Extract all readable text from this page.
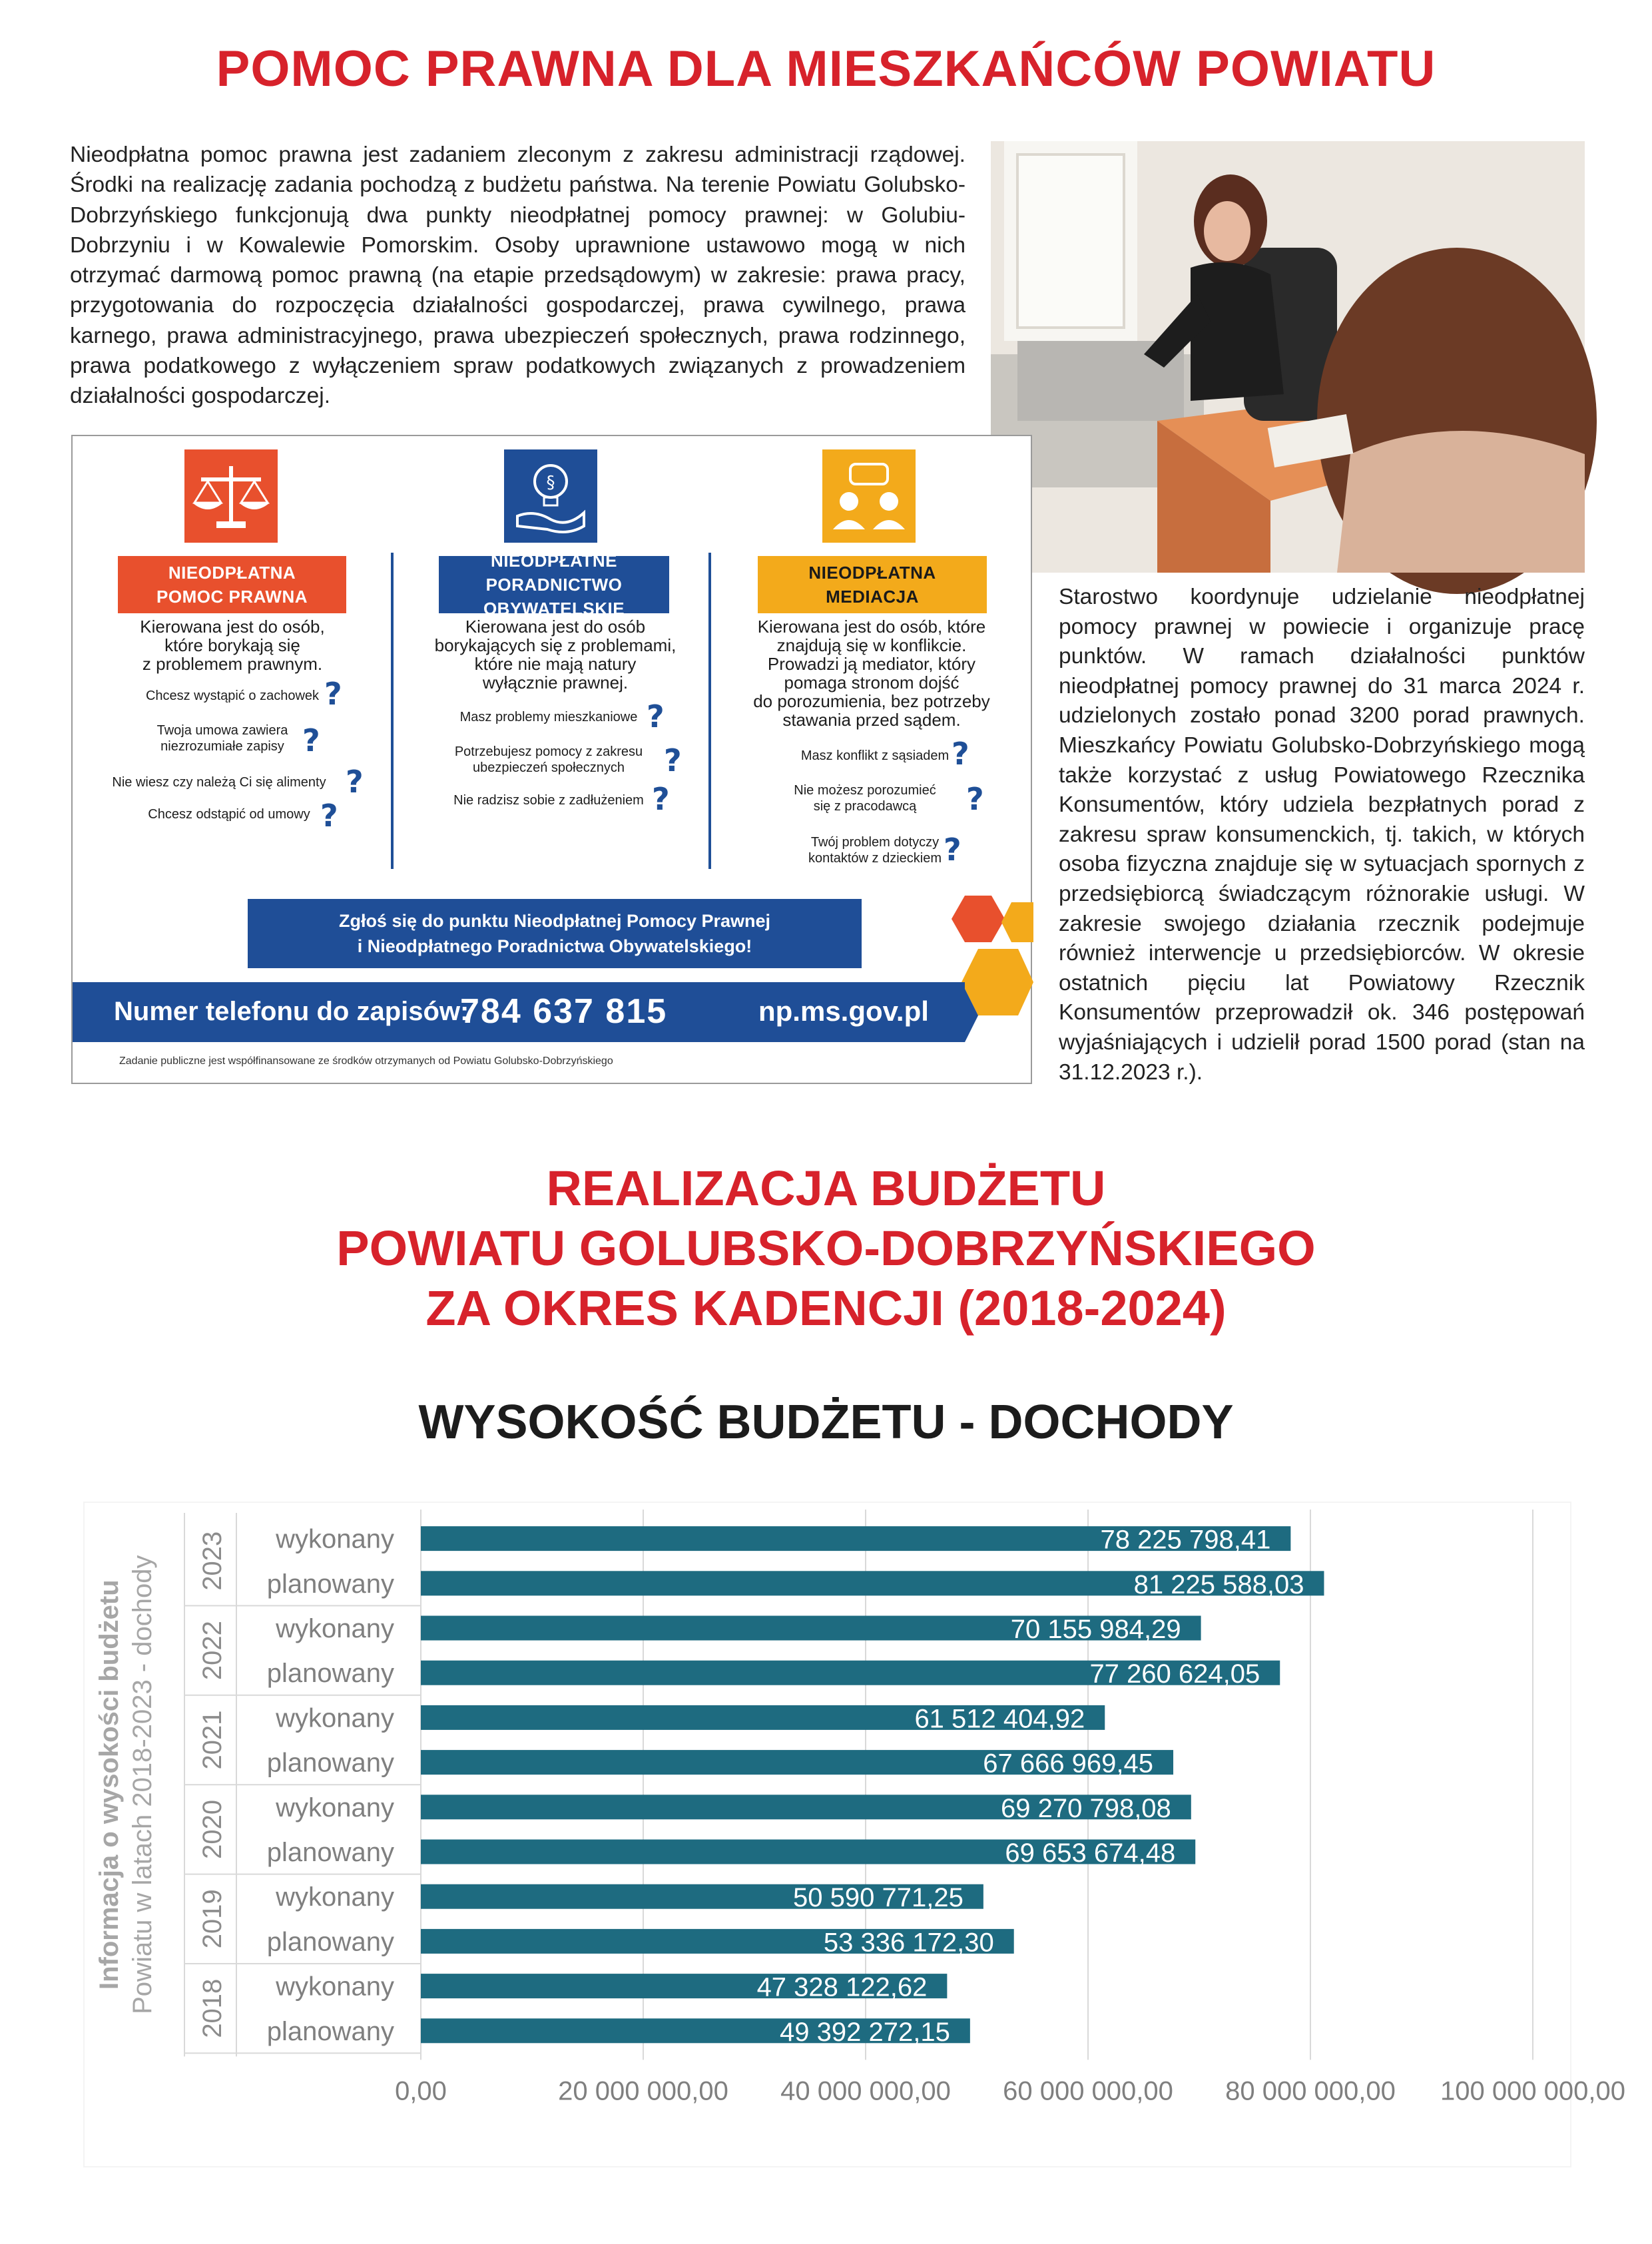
POMOC PRAWNA DLA MIESZKAŃCÓW POWIATU
Nieodpłatna pomoc prawna jest zadaniem zleconym z zakresu administracji rządowej. Środki na realizację zadania pochodzą z budżetu państwa. Na terenie Powiatu Golubsko-Dobrzyńskiego funkcjonują dwa punkty nieodpłatnej pomocy prawnej: w Golubiu-Dobrzyniu i w Kowalewie Pomorskim. Osoby uprawnione ustawowo mogą w nich otrzymać darmową pomoc prawną (na etapie przedsądowym) w zakresie: prawa pracy, przygotowania do rozpoczęcia działalności gospodarczej, prawa cywilnego, prawa karnego, prawa administracyjnego, prawa ubezpieczeń społecznych, prawa rodzinnego, prawa podatkowego z wyłączeniem spraw podatkowych związanych z prowadzeniem działalności gospodarczej.
Starostwo koordynuje udzielanie nieodpłatnej pomocy prawnej w powiecie i organizuje pracę punktów. W ramach działalności punktów nieodpłatnej pomocy prawnej do 31 marca 2024 r. udzielonych zostało ponad 3200 porad prawnych. Mieszkańcy Powiatu Golubsko-Dobrzyńskiego mogą także korzystać z usług Powiatowego Rzecznika Konsumentów, który udziela bezpłatnych porad z zakresu spraw konsumenckich, tj. takich, w których osoba fizyczna znajduje się w sytuacjach spornych z przedsiębiorcą świadczącym różnorakie usługi. W zakresie swojego działania rzecznik podejmuje również interwencje u przedsiębiorców. W okresie ostatnich pięciu lat Powiatowy Rzecznik Konsumentów przeprowadził ok. 346 postępowań wyjaśniających i udzielił porad 1500 porad (stan na 31.12.2023 r.).
NIEODPŁATNA
POMOC PRAWNA
Kierowana jest do osób,
które borykają się
z problemem prawnym.
Chcesz wystąpić o zachowek ?
Twoja umowa zawiera niezrozumiałe zapisy ?
Nie wiesz czy należą Ci się alimenty ?
Chcesz odstąpić od umowy ?
§
NIEODPŁATNE
PORADNICTWO OBYWATELSKIE
Kierowana jest do osób
borykających się z problemami,
które nie mają natury
wyłącznie prawnej.
Masz problemy mieszkaniowe ?
Potrzebujesz pomocy z zakresu ubezpieczeń społecznych	?
Nie radzisz sobie z zadłużeniem ?
NIEODPŁATNA
MEDIACJA
Kierowana jest do osób, które
znajdują się w konflikcie.
Prowadzi ją mediator, który
pomaga stronom dojść
do porozumienia, bez potrzeby
stawania przed sądem.
Masz konflikt z sąsiadem ?
Nie możesz porozumieć się z pracodawcą	?
Twój problem dotyczy kontaktów z dzieckiem ?
Zgłoś się do punktu Nieodpłatnej Pomocy Prawnej
i Nieodpłatnego Poradnictwa Obywatelskiego!
Numer telefonu do zapisów:
784 637 815	np.ms.gov.pl
Zadanie publiczne jest współfinansowane ze środków otrzymanych od Powiatu Golubsko-Dobrzyńskiego
REALIZACJA BUDŻETU
POWIATU GOLUBSKO-DOBRZYŃSKIEGO
ZA OKRES KADENCJI (2018-2024)
WYSOKOŚĆ BUDŻETU - DOCHODY
0,00	20 000 000,00 40 000 000,00 60 000 000,00 80 000 000,00 100 000 000,00
Informacja o wysokości budżetu Powiatu w latach 2018-2023 - dochody 2023
2022
2021
2020
2019
2018
wykonany	78 225 798,41
planowany	81 225 588,03
wykonany	70 155 984,29
planowany	77 260 624,05
wykonany	61 512 404,92
planowany	67 666 969,45
wykonany	69 270 798,08
planowany	69 653 674,48
wykonany	50 590 771,25
planowany	53 336 172,30
wykonany	47 328 122,62
planowany	49 392 272,15
